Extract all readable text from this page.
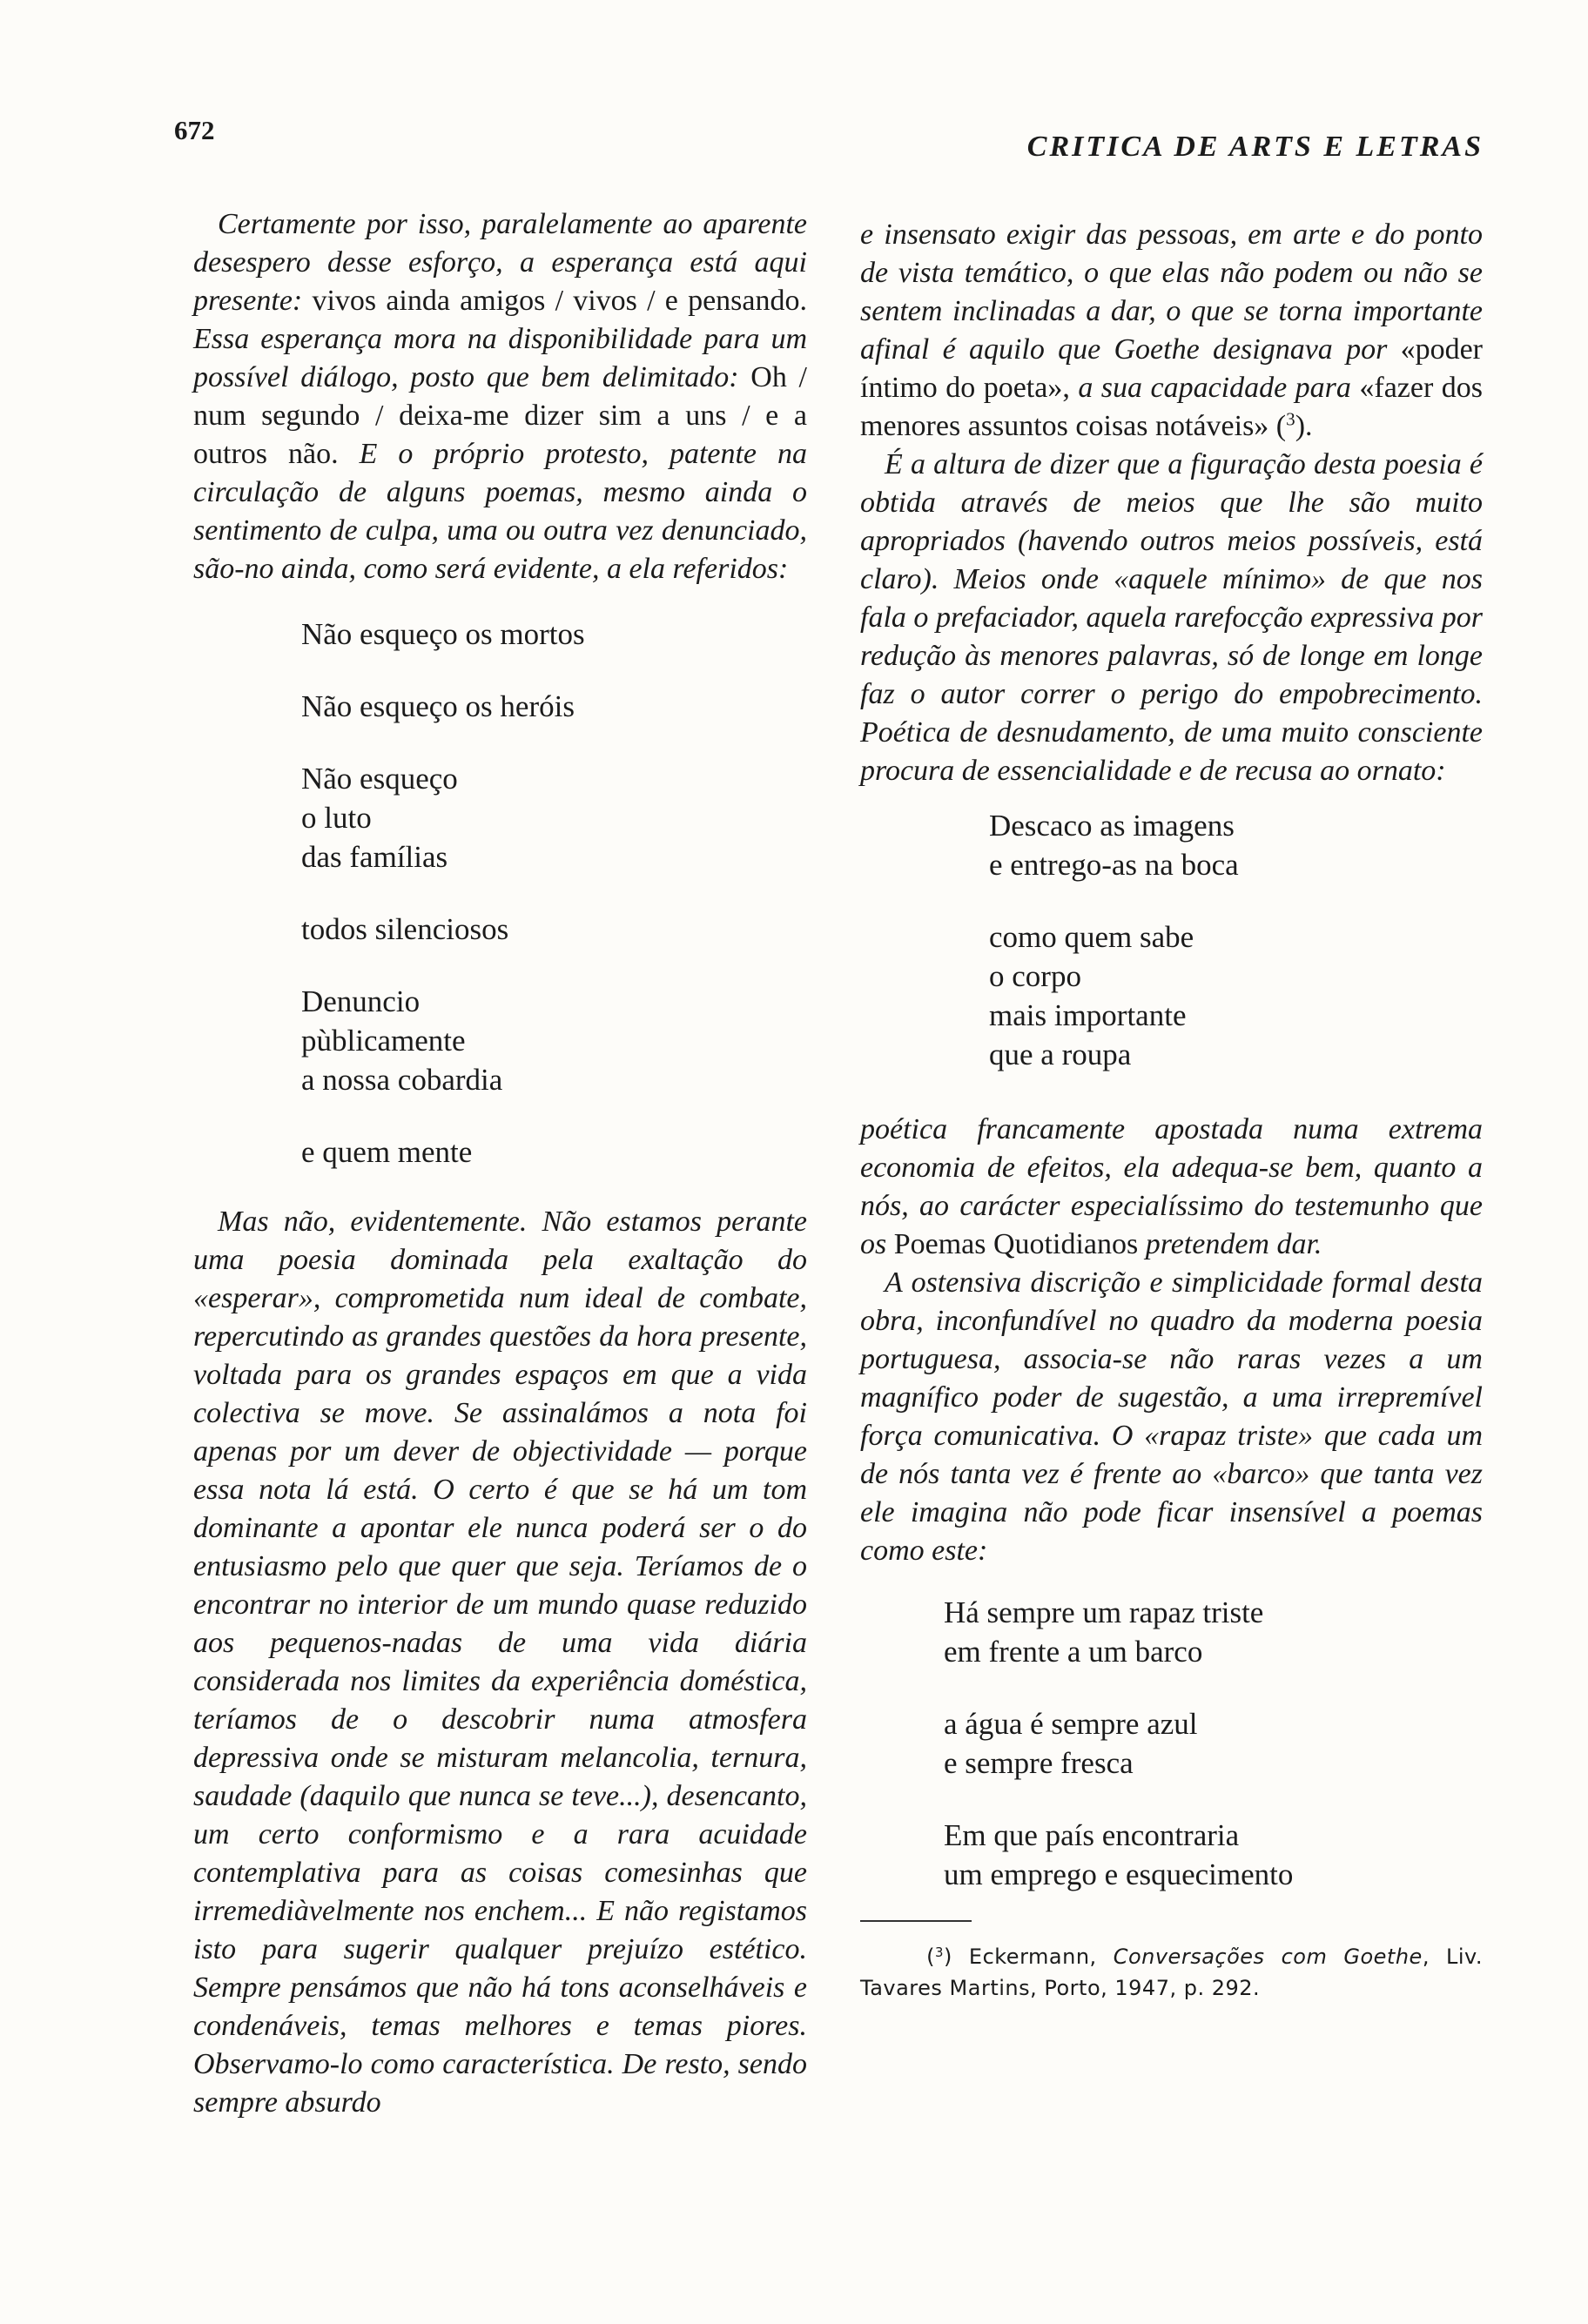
672
CRITICA DE ARTS E LETRAS

Certamente por isso, paralelamente ao aparente desespero desse esforço, a esperança está aqui presente: vivos ainda amigos / vivos / e pensando. Essa esperança mora na disponibilidade para um possível diálogo, posto que bem delimitado: Oh / num segundo / deixa-me dizer sim a uns / e a outros não. E o próprio protesto, patente na circulação de alguns poemas, mesmo ainda o sentimento de culpa, uma ou outra vez denunciado, são-no ainda, como será evidente, a ela referidos:

Não esqueço os mortos
Não esqueço os heróis
Não esqueço
o luto
das famílias
todos silenciosos
Denuncio
pùblicamente
a nossa cobardia
e quem mente

Mas não, evidentemente. Não estamos perante uma poesia dominada pela exaltação do «esperar», comprometida num ideal de combate, repercutindo as grandes questões da hora presente, voltada para os grandes espaços em que a vida colectiva se move. Se assinalámos a nota foi apenas por um dever de objectividade — porque essa nota lá está. O certo é que se há um tom dominante a apontar ele nunca poderá ser o do entusiasmo pelo que quer que seja. Teríamos de o encontrar no interior de um mundo quase reduzido aos pequenos-nadas de uma vida diária considerada nos limites da experiência doméstica, teríamos de o descobrir numa atmosfera depressiva onde se misturam melancolia, ternura, saudade (daquilo que nunca se teve...), desencanto, um certo conformismo e a rara acuidade contemplativa para as coisas comesinhas que irremediàvelmente nos enchem... E não registamos isto para sugerir qualquer prejuízo estético. Sempre pensámos que não há tons aconselháveis e condenáveis, temas melhores e temas piores. Observamo-lo como característica. De resto, sendo sempre absurdo

e insensato exigir das pessoas, em arte e do ponto de vista temático, o que elas não podem ou não se sentem inclinadas a dar, o que se torna importante afinal é aquilo que Goethe designava por «poder íntimo do poeta», a sua capacidade para «fazer dos menores assuntos coisas notáveis» ($^3$).

É a altura de dizer que a figuração desta poesia é obtida através de meios que lhe são muito apropriados (havendo outros meios possíveis, está claro). Meios onde «aquele mínimo» de que nos fala o prefaciador, aquela rarefocção expressiva por redução às menores palavras, só de longe em longe faz o autor correr o perigo do empobrecimento. Poética de desnudamento, de uma muito consciente procura de essencialidade e de recusa ao ornato:

Descaco as imagens
e entrego-as na boca
como quem sabe
o corpo
mais importante
que a roupa

poética francamente apostada numa extrema economia de efeitos, ela adequa-se bem, quanto a nós, ao carácter especialíssimo do testemunho que os Poemas Quotidianos pretendem dar.

A ostensiva discrição e simplicidade formal desta obra, inconfundível no quadro da moderna poesia portuguesa, associa-se não raras vezes a um magnífico poder de sugestão, a uma irrepremível força comunicativa. O «rapaz triste» que cada um de nós tanta vez é frente ao «barco» que tanta vez ele imagina não pode ficar insensível a poemas como este:

Há sempre um rapaz triste
em frente a um barco
a água é sempre azul
e sempre fresca
Em que país encontraria
um emprego e esquecimento
($^3$) Eckermann, Conversações com Goethe, Liv. Tavares Martins, Porto, 1947, p. 292.
